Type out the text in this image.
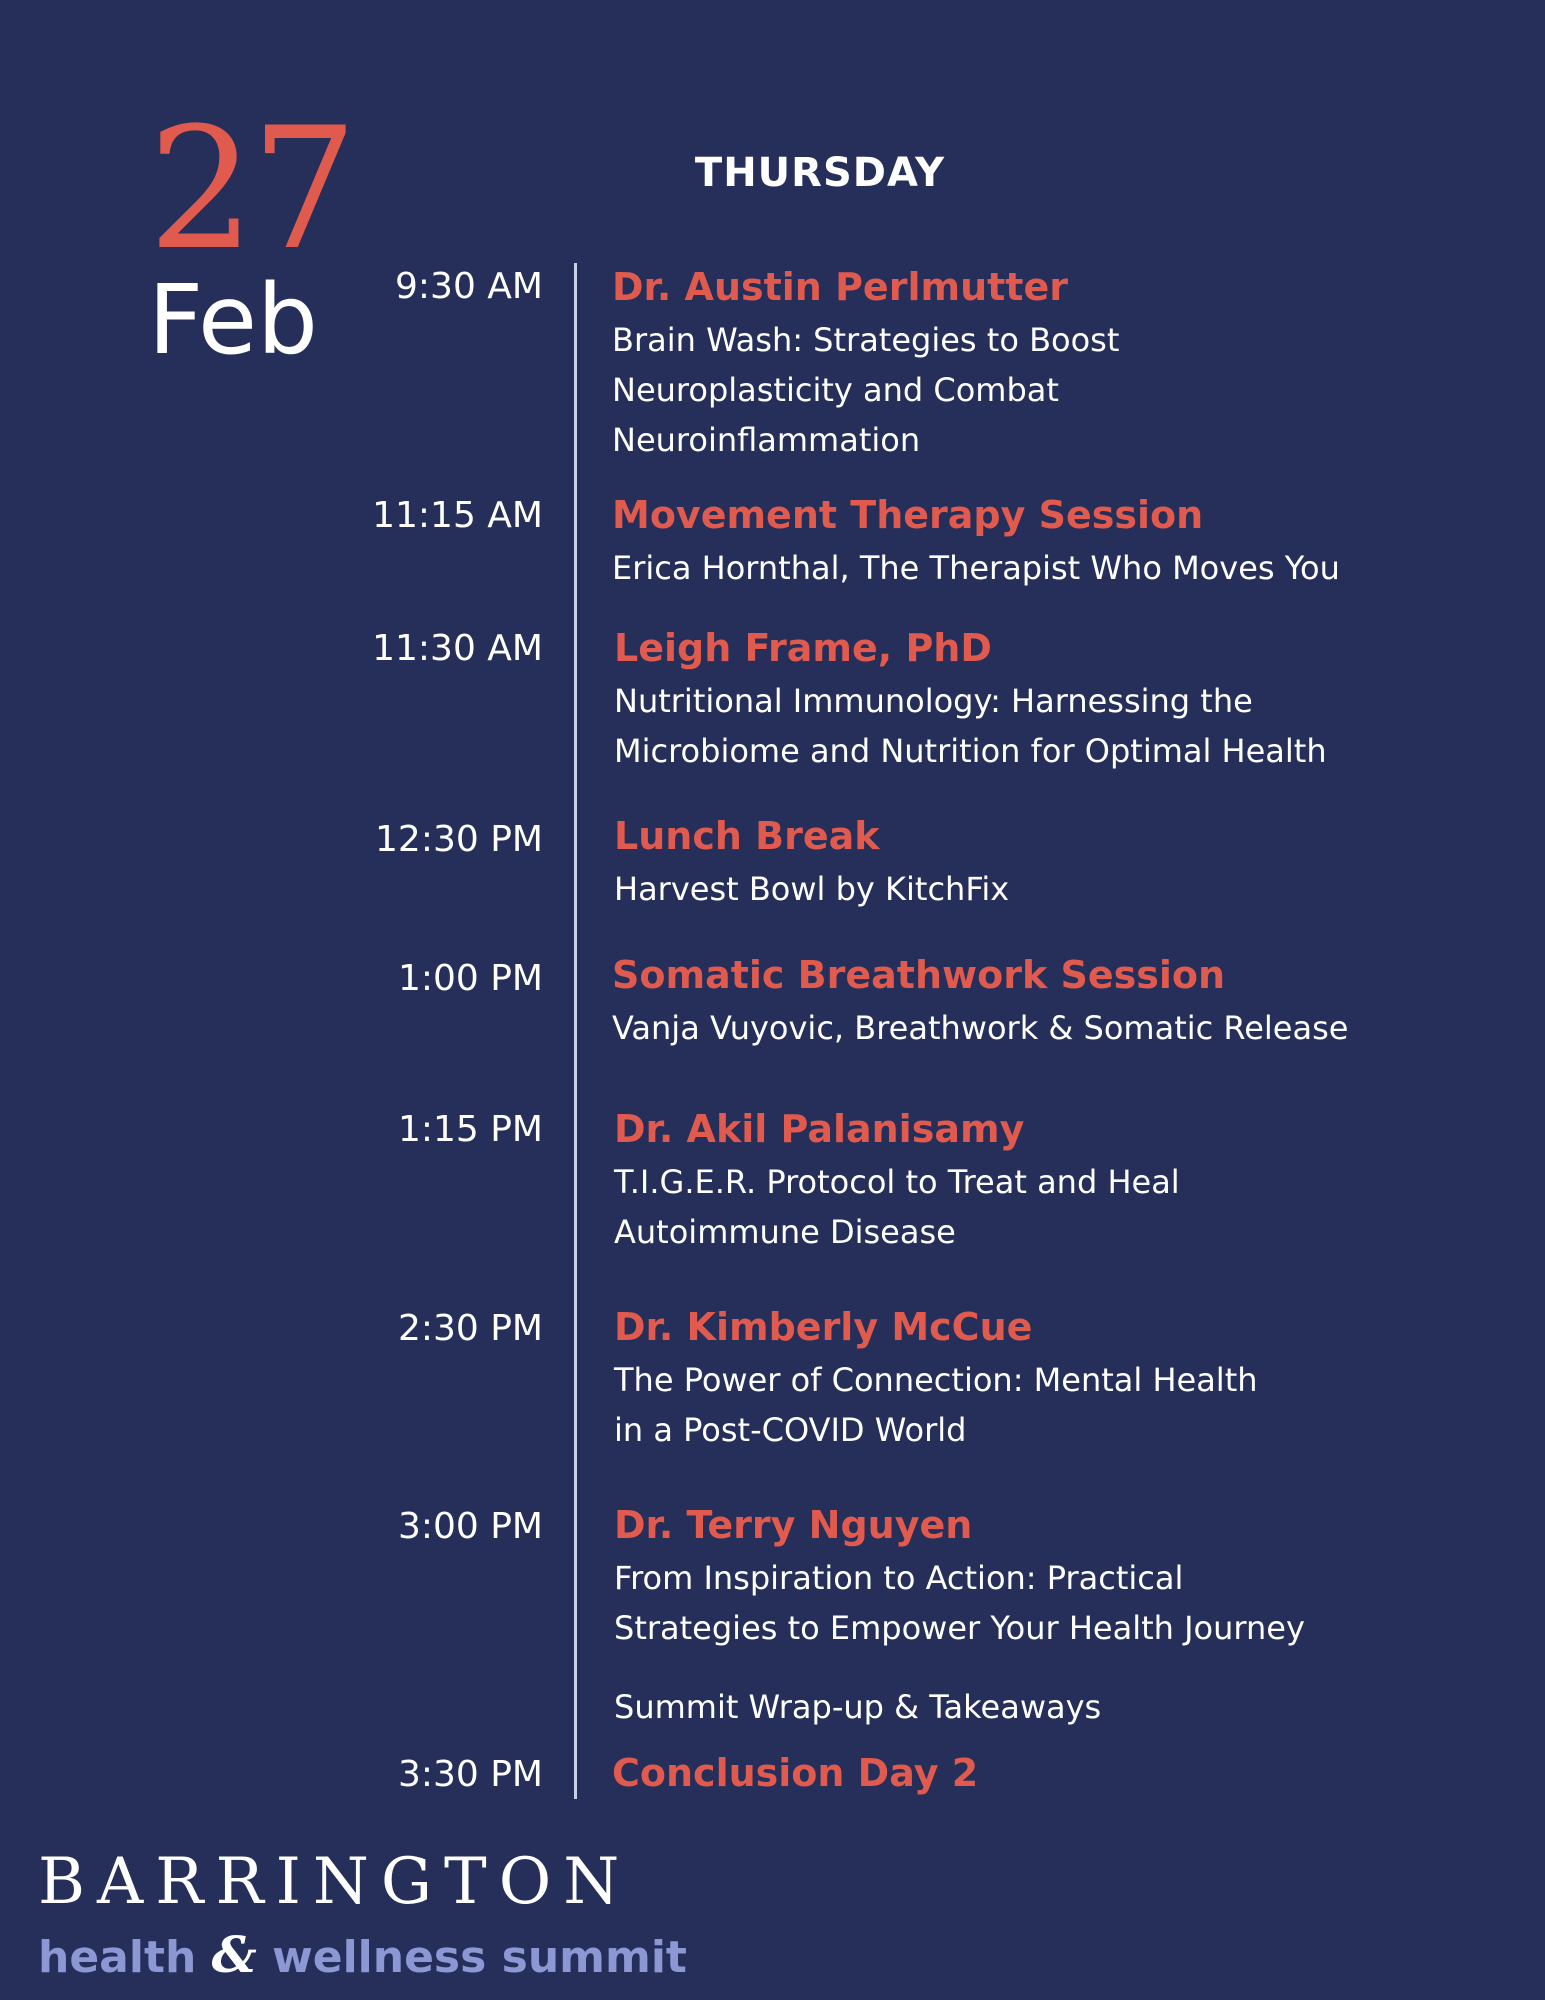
27
Feb
THURSDAY
9:30 AM Dr. Austin Perlmutter
Brain Wash: Strategies to Boost
Neuroplasticity and Combat
Neuroinflammation
11:15 AM Movement Therapy Session
Erica Hornthal, The Therapist Who Moves You
11:30 AM Leigh Frame, PhD
Nutritional Immunology: Harnessing the
Microbiome and Nutrition for Optimal Health
12:30 PM Lunch Break
Harvest Bowl by KitchFix
1:00 PM Somatic Breathwork Session
Vanja Vuyovic, Breathwork & Somatic Release
1:15 PM Dr. Akil Palanisamy
T.I.G.E.R. Protocol to Treat and Heal
Autoimmune Disease
2:30 PM Dr. Kimberly McCue
The Power of Connection: Mental Health
in a Post-COVID World
3:00 PM Dr. Terry Nguyen
From Inspiration to Action: Practical
Strategies to Empower Your Health Journey
Summit Wrap-up & Takeaways
3:30 PM Conclusion Day 2
BARRINGTON
health & wellness summit
